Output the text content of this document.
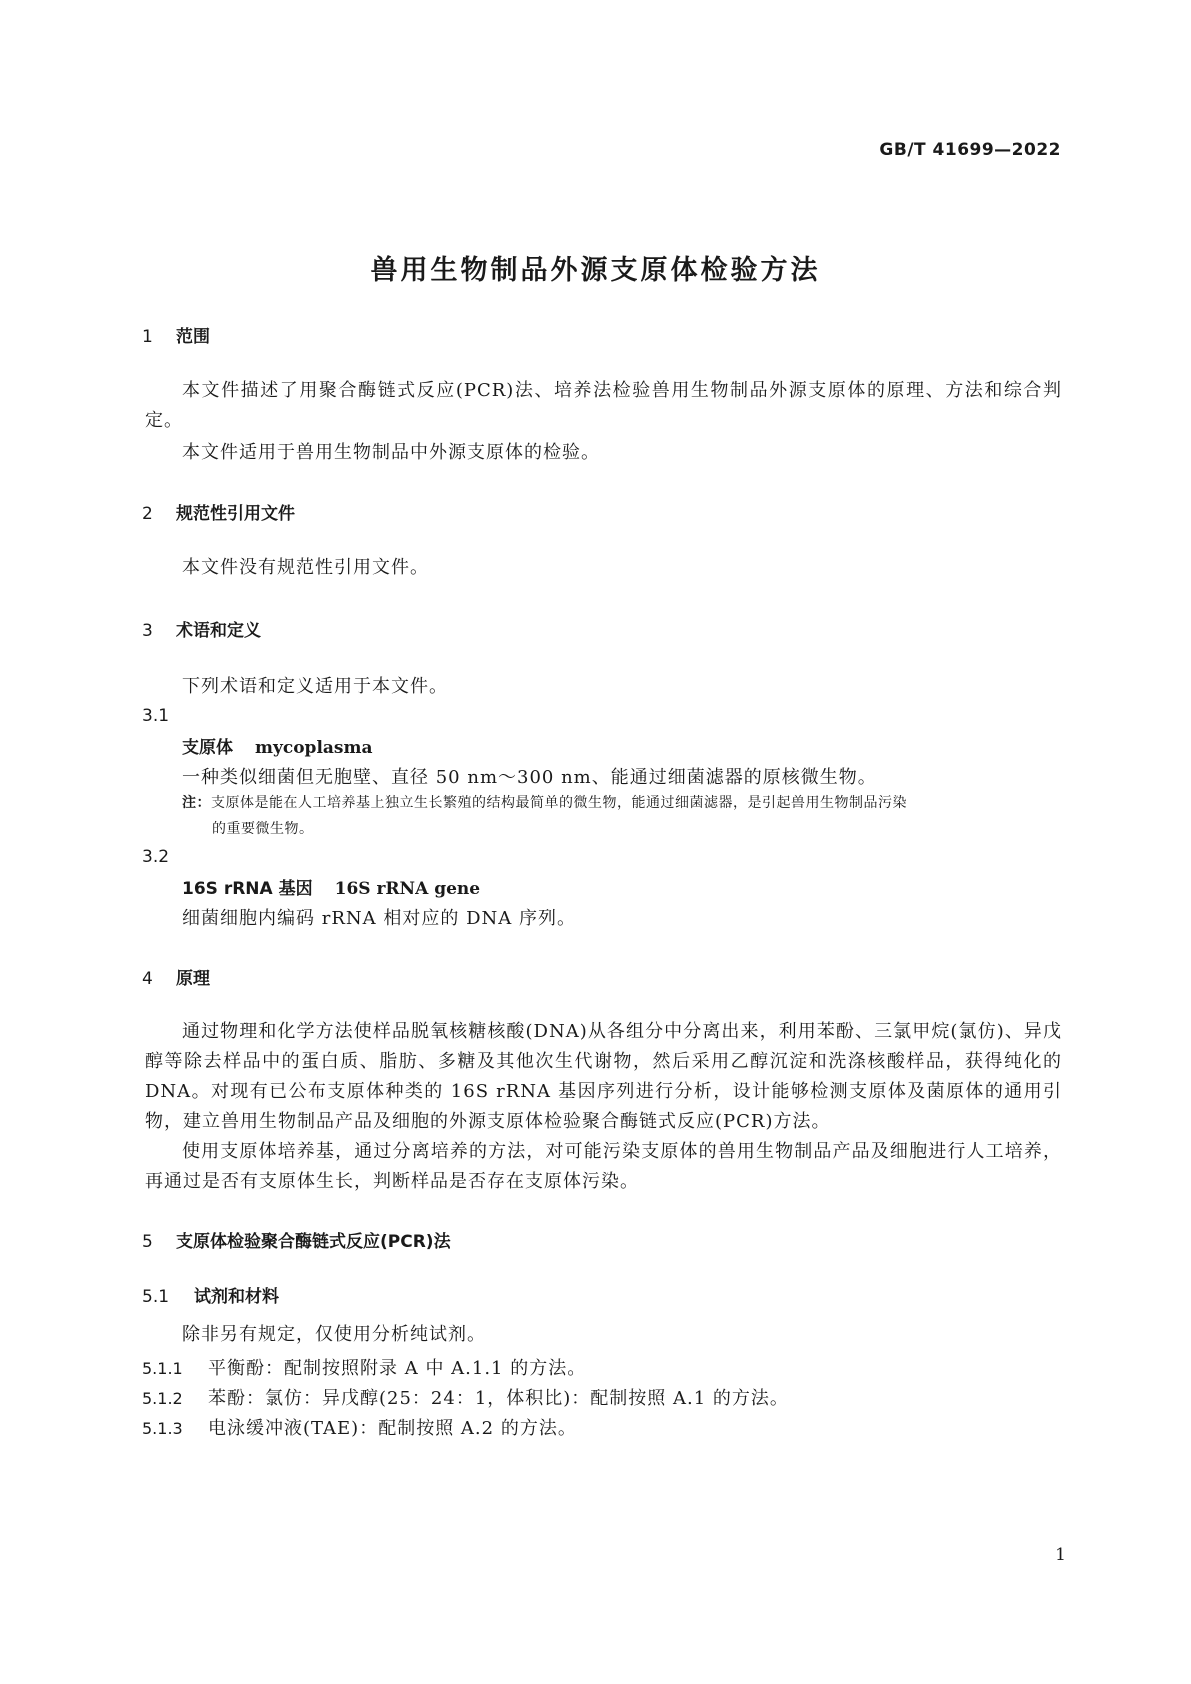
GB/T 41699—2022
兽用生物制品外源支原体检验方法
1 范围
本文件描述了用聚合酶链式反应(PCR)法、培养法检验兽用生物制品外源支原体的原理、方法和综合判定。
本文件适用于兽用生物制品中外源支原体的检验。
2 规范性引用文件
本文件没有规范性引用文件。
3 术语和定义
下列术语和定义适用于本文件。
3.1
支原体 mycoplasma
一种类似细菌但无胞壁、直径 50 nm～300 nm、能通过细菌滤器的原核微生物。
注：支原体是能在人工培养基上独立生长繁殖的结构最简单的微生物，能通过细菌滤器，是引起兽用生物制品污染
的重要微生物。
3.2
16S rRNA 基因 16S rRNA gene
细菌细胞内编码 rRNA 相对应的 DNA 序列。
4 原理
通过物理和化学方法使样品脱氧核糖核酸(DNA)从各组分中分离出来，利用苯酚、三氯甲烷(氯仿)、异戊醇等除去样品中的蛋白质、脂肪、多糖及其他次生代谢物，然后采用乙醇沉淀和洗涤核酸样品，获得纯化的 DNA。对现有已公布支原体种类的 16S rRNA 基因序列进行分析，设计能够检测支原体及菌原体的通用引物，建立兽用生物制品产品及细胞的外源支原体检验聚合酶链式反应(PCR)方法。
使用支原体培养基，通过分离培养的方法，对可能污染支原体的兽用生物制品产品及细胞进行人工培养，再通过是否有支原体生长，判断样品是否存在支原体污染。
5 支原体检验聚合酶链式反应(PCR)法
5.1 试剂和材料
除非另有规定，仅使用分析纯试剂。
5.1.1 平衡酚：配制按照附录 A 中 A.1.1 的方法。
5.1.2 苯酚：氯仿：异戊醇(25：24：1，体积比)：配制按照 A.1 的方法。
5.1.3 电泳缓冲液(TAE)：配制按照 A.2 的方法。
1
